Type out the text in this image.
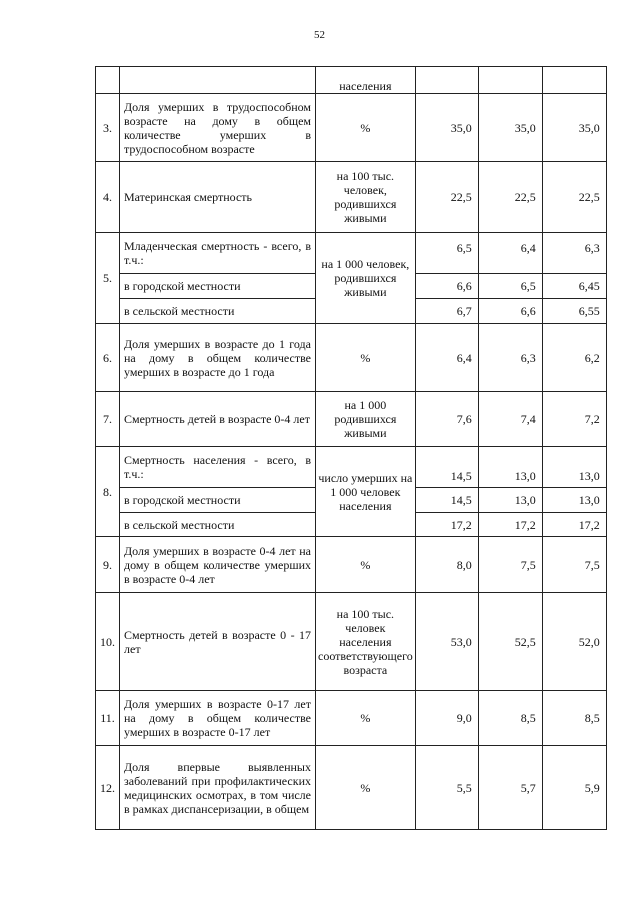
52
		населения			
3.	Доля умерших в трудоспособном возрасте на дому в общем количестве умерших в трудоспособном возрасте	%	35,0	35,0	35,0
4.	Материнская смертность	на 100 тыс. человек, родившихся живыми	22,5	22,5	22,5
5.	Младенческая смертность - всего, в т.ч.:	на 1 000 человек, родившихся живыми	6,5	6,4	6,3
	в городской местности		6,6	6,5	6,45
	в сельской местности		6,7	6,6	6,55
6.	Доля умерших в возрасте до 1 года на дому в общем количестве умерших в возрасте до 1 года	%	6,4	6,3	6,2
7.	Смертность детей в возрасте 0-4 лет	на 1 000 родившихся живыми	7,6	7,4	7,2
8.	Смертность населения - всего, в т.ч.:	число умерших на 1 000 человек населения	14,5	13,0	13,0
	в городской местности		14,5	13,0	13,0
	в сельской местности		17,2	17,2	17,2
9.	Доля умерших в возрасте 0-4 лет на дому в общем количестве умерших в возрасте 0-4 лет	%	8,0	7,5	7,5
10.	Смертность детей в возрасте 0 - 17 лет	на 100 тыс. человек населения соответствующего возраста	53,0	52,5	52,0
11.	Доля умерших в возрасте 0-17 лет на дому в общем количестве умерших в возрасте 0-17 лет	%	9,0	8,5	8,5
12.	Доля впервые выявленных заболеваний при профилактических медицинских осмотрах, в том числе в рамках диспансеризации, в общем	%	5,5	5,7	5,9
